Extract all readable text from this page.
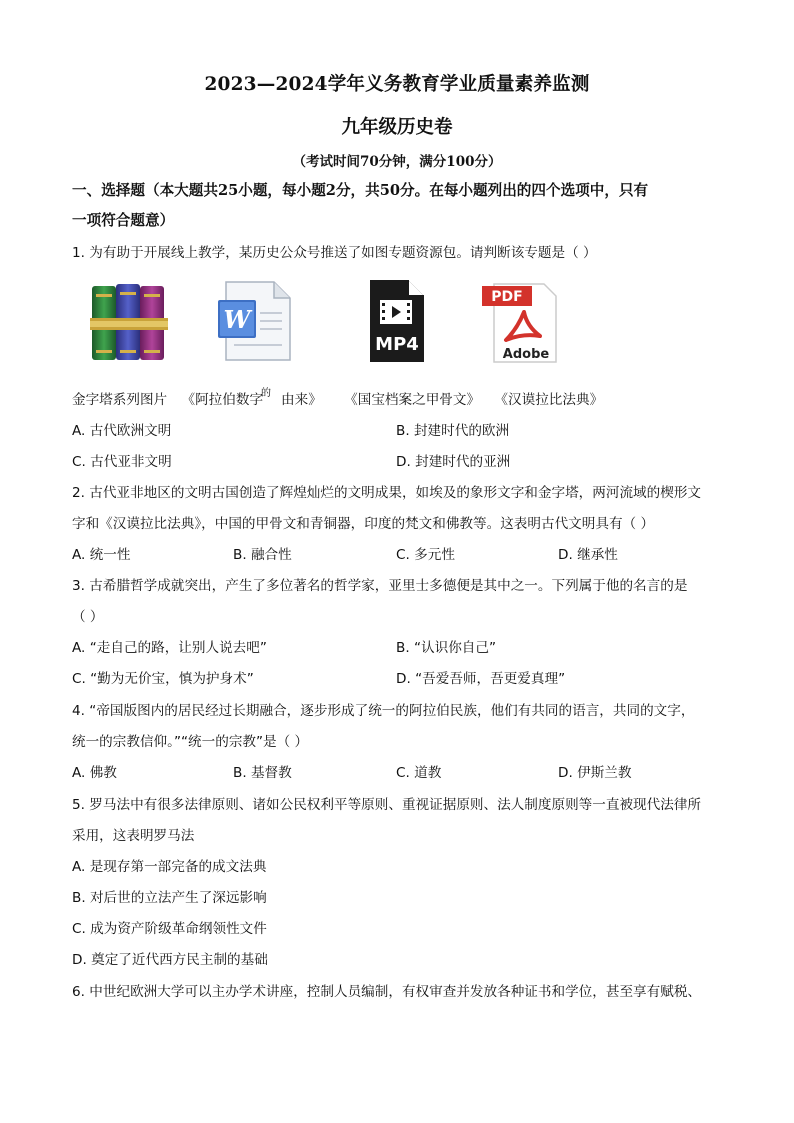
2023—2024学年义务教育学业质量素养监测
九年级历史卷
（考试时间70分钟，满分100分）
一、选择题（本大题共25小题，每小题2分，共50分。在每小题列出的四个选项中，只有
一项符合题意）
1. 为有助于开展线上教学，某历史公众号推送了如图专题资源包。请判断该专题是（ ）
W
MP4
PDF
Adobe
金字塔系列图片 《阿拉伯数字$^的$ 由来》 《国宝档案之甲骨文》 《汉谟拉比法典》
A. 古代欧洲文明	B. 封建时代的欧洲
C. 古代亚非文明	D. 封建时代的亚洲
2. 古代亚非地区的文明古国创造了辉煌灿烂的文明成果，如埃及的象形文字和金字塔，两河流域的楔形文
字和《汉谟拉比法典》，中国的甲骨文和青铜器，印度的梵文和佛教等。这表明古代文明具有（ ）
A. 统一性	B. 融合性	C. 多元性	D. 继承性
3. 古希腊哲学成就突出，产生了多位著名的哲学家，亚里士多德便是其中之一。下列属于他的名言的是
（ ）
A. “走自己的路，让别人说去吧”	B. “认识你自己”
C. “勤为无价宝，慎为护身术”	D. “吾爱吾师，吾更爱真理”
4. “帝国版图内的居民经过长期融合，逐步形成了统一的阿拉伯民族，他们有共同的语言，共同的文字，
统一的宗教信仰。”“统一的宗教”是（ ）
A. 佛教	B. 基督教	C. 道教	D. 伊斯兰教
5. 罗马法中有很多法律原则、诸如公民权利平等原则、重视证据原则、法人制度原则等一直被现代法律所
采用，这表明罗马法
A. 是现存第一部完备的成文法典
B. 对后世的立法产生了深远影响
C. 成为资产阶级革命纲领性文件
D. 奠定了近代西方民主制的基础
6. 中世纪欧洲大学可以主办学术讲座，控制人员编制，有权审查并发放各种证书和学位，甚至享有赋税、
